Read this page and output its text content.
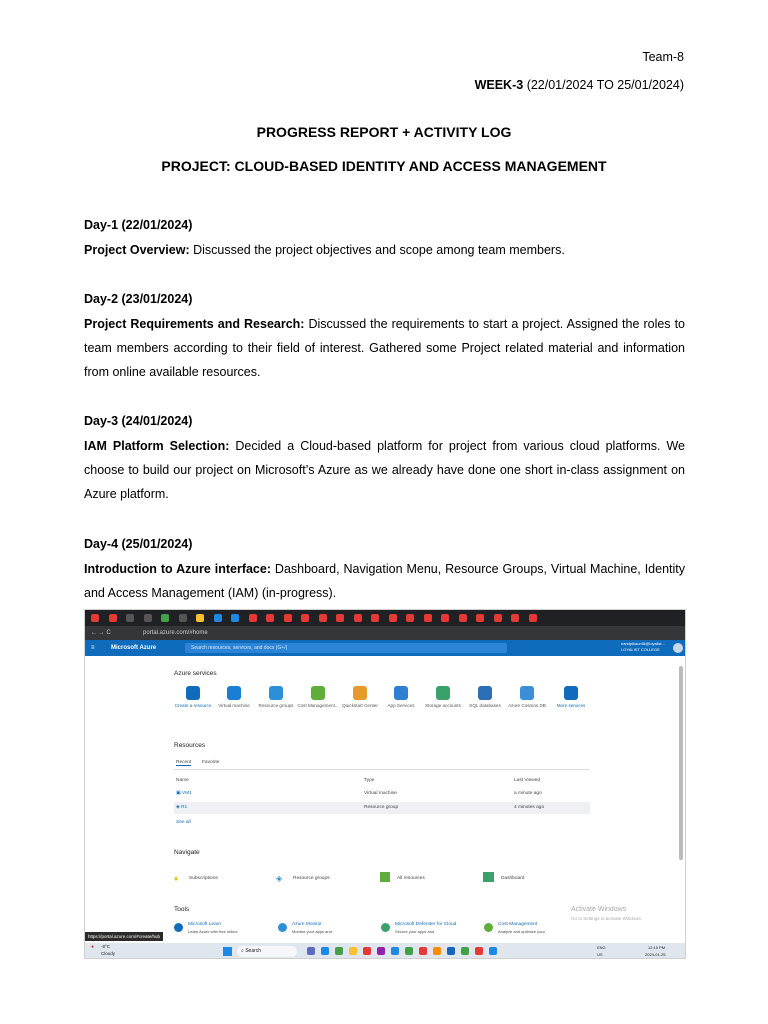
Team-8
WEEK-3 (22/01/2024 TO 25/01/2024)
PROGRESS REPORT + ACTIVITY LOG
PROJECT: CLOUD-BASED IDENTITY AND ACCESS MANAGEMENT
Day-1 (22/01/2024)
Project Overview: Discussed the project objectives and scope among team members.
Day-2 (23/01/2024)
Project Requirements and Research: Discussed the requirements to start a project. Assigned the roles to team members according to their field of interest. Gathered some Project related material and information from online available resources.
Day-3 (24/01/2024)
IAM Platform Selection: Decided a Cloud-based platform for project from various cloud platforms. We choose to build our project on Microsoft’s Azure as we already have done one short in-class assignment on Azure platform.
Day-4 (25/01/2024)
Introduction to Azure interface: Dashboard, Navigation Menu, Resource Groups, Virtual Machine, Identity and Access Management (IAM) (in-progress).
← → C	portal.azure.com/#home
≡	Microsoft Azure	Search resources, services, and docs (G+/)
nandpikaur48@loyalist...
LOYALIST COLLEGE
Azure services
Create a resource	Virtual machine	Resource groups Cost Management... Quickstart Center	App Services	Storage accounts	SQL databases	Azure Cosmos DB	More services
Resources
Recent Favorite
Name	Type	Last Viewed
▣ VM1	Virtual machine	a minute ago
◈ R1	Resource group	4 minutes ago
See all
Navigate
♦ Subscriptions	◈ Resource groups	All resources	Dashboard
Tools
Microsoft Learn
Learn Azure with free online
Azure Monitor
Monitor your apps and
Microsoft Defender for Cloud
Secure your apps and
Cost Management
Analyze and optimize your
Activate Windows
Go to Settings to activate Windows.
https://portal.azure.com/#create/hub
● -8°C
Cloudy	⌕ Search
ENG
US
12:15 PM
2024-01-25
